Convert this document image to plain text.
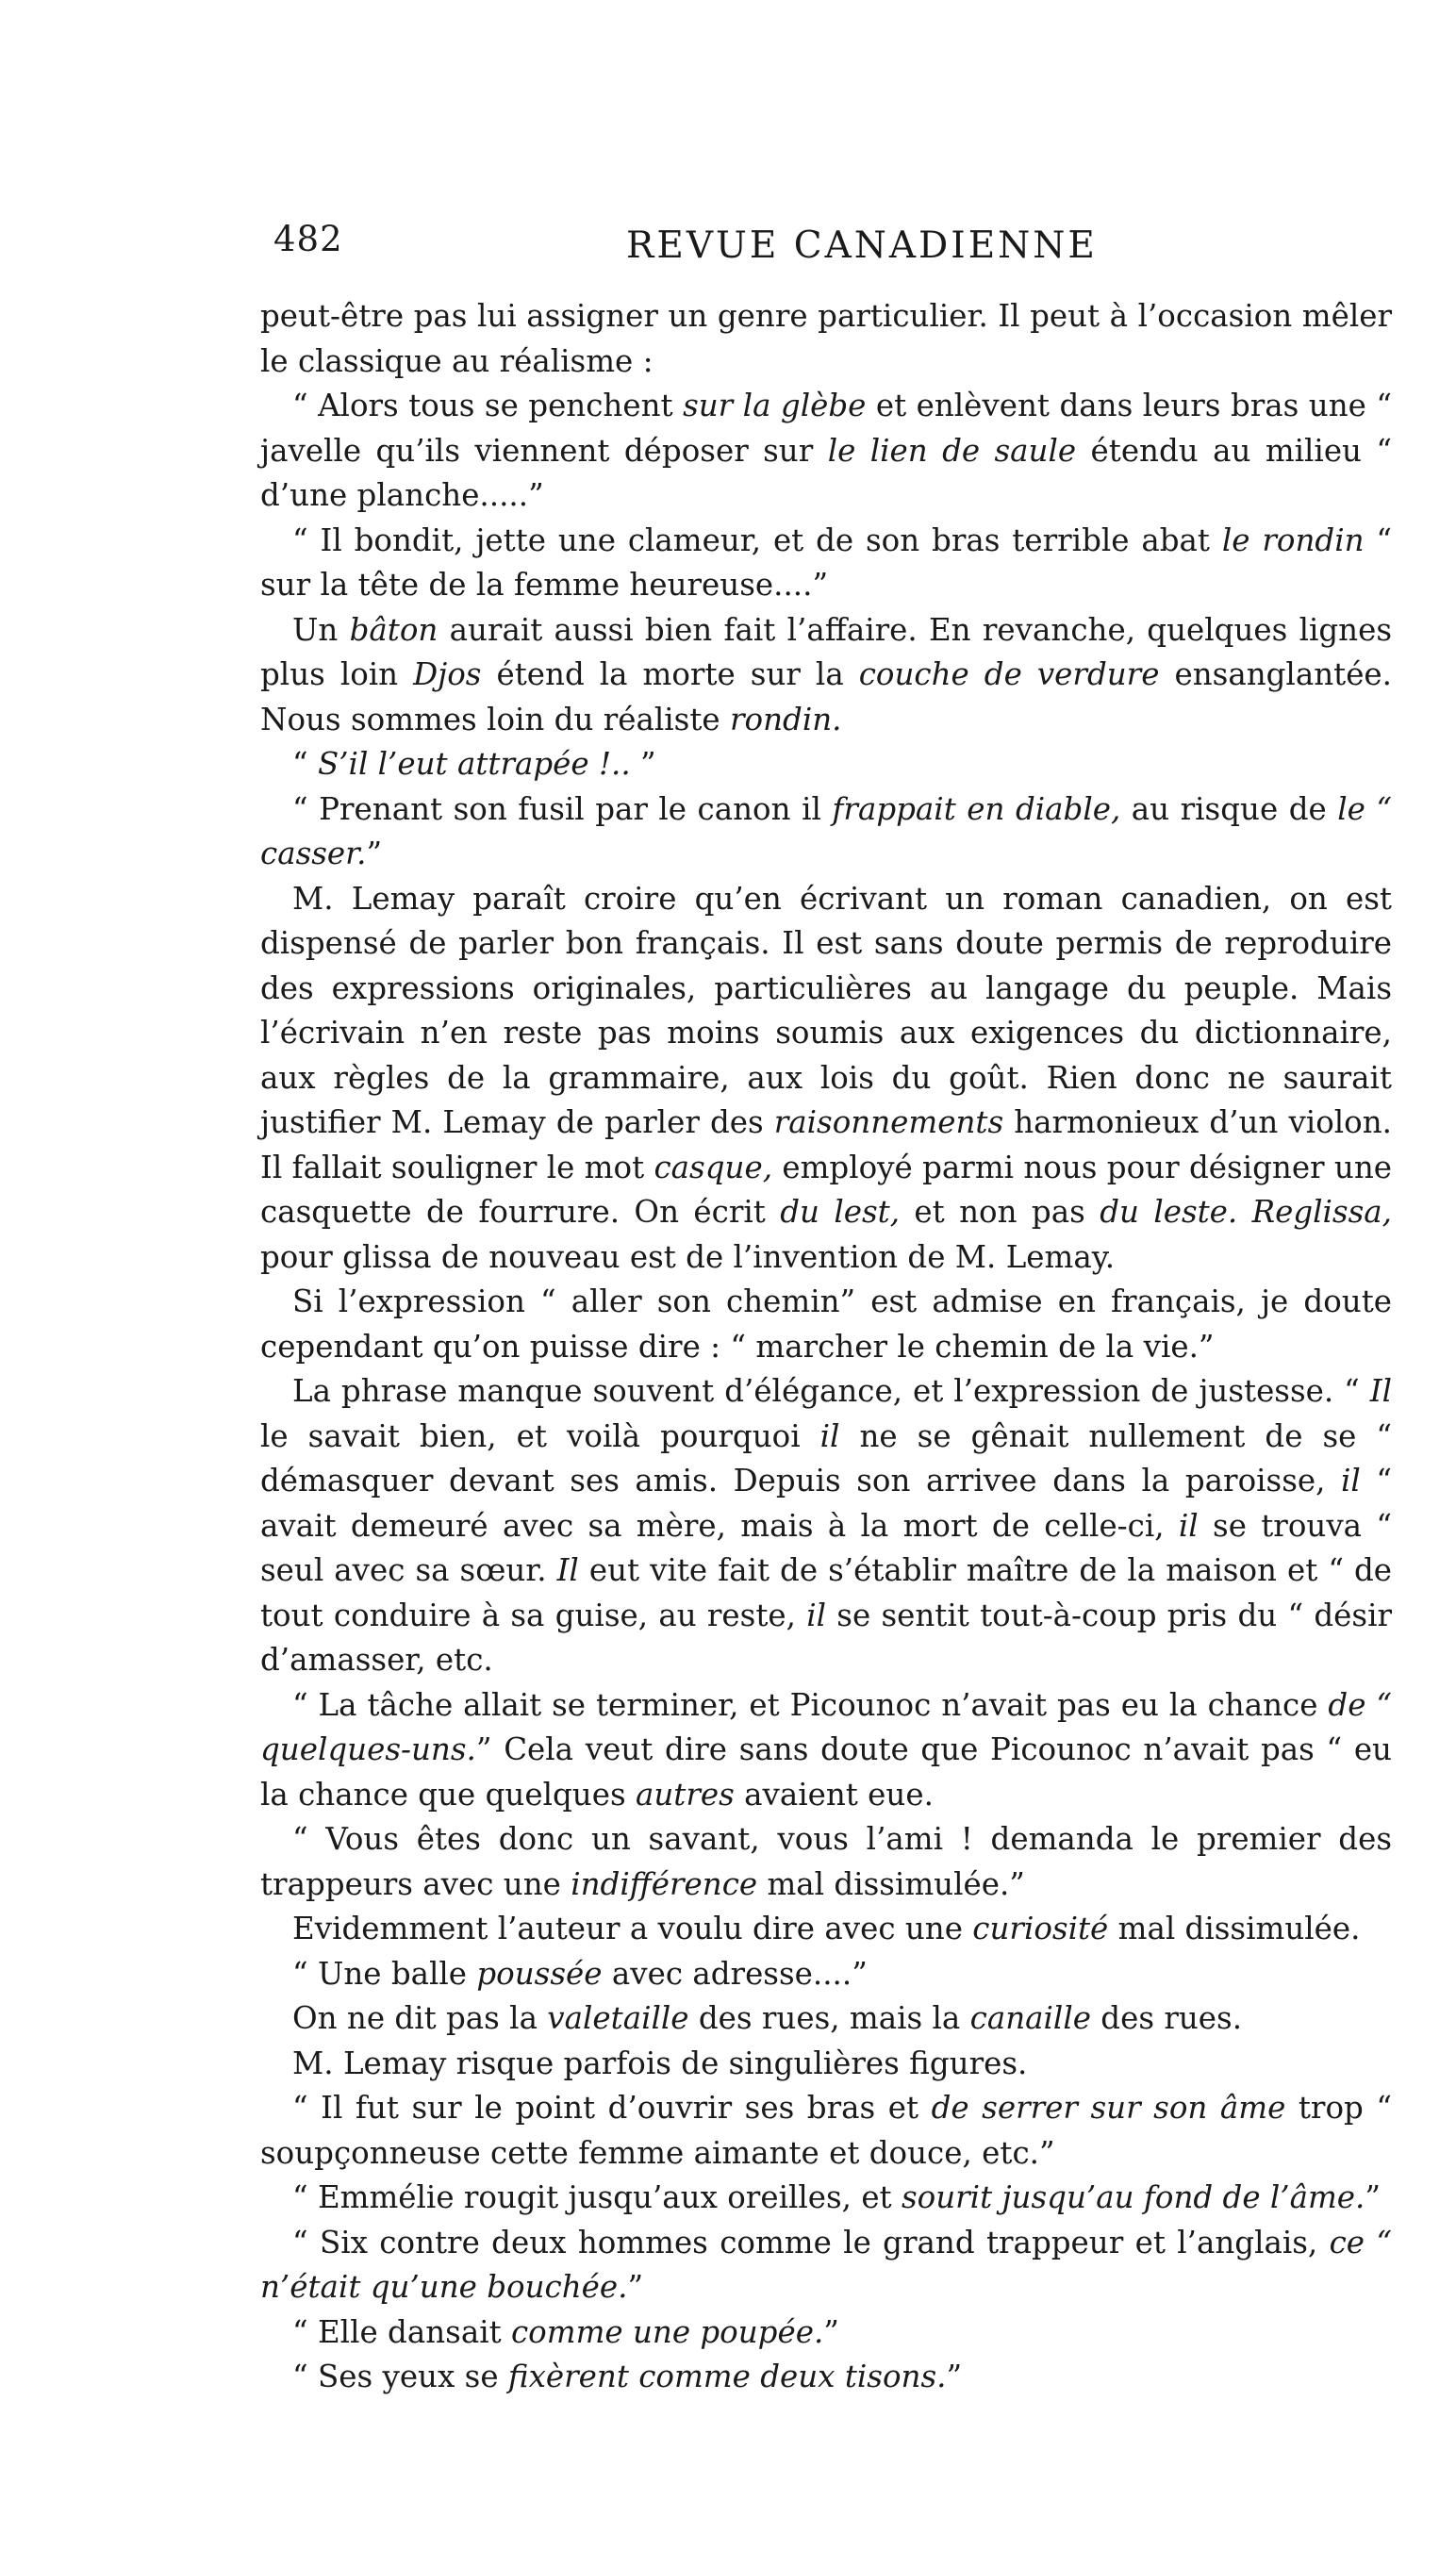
482	REVUE CANADIENNE

peut-être pas lui assigner un genre particulier. Il peut à l’occasion mêler le classique au réalisme :

“ Alors tous se penchent sur la glèbe et enlèvent dans leurs bras une “ javelle qu’ils viennent déposer sur le lien de saule étendu au milieu “ d’une planche.....”

“ Il bondit, jette une clameur, et de son bras terrible abat le rondin “ sur la tête de la femme heureuse....”

Un bâton aurait aussi bien fait l’affaire. En revanche, quelques lignes plus loin Djos étend la morte sur la couche de verdure ensanglantée. Nous sommes loin du réaliste rondin.

“ S’il l’eut attrapée !.. ”

“ Prenant son fusil par le canon il frappait en diable, au risque de le “ casser.”

M. Lemay paraît croire qu’en écrivant un roman canadien, on est dispensé de parler bon français. Il est sans doute permis de reproduire des expressions originales, particulières au langage du peuple. Mais l’écrivain n’en reste pas moins soumis aux exigences du dictionnaire, aux règles de la grammaire, aux lois du goût. Rien donc ne saurait justifier M. Lemay de parler des raisonnements harmonieux d’un violon. Il fallait souligner le mot casque, employé parmi nous pour désigner une casquette de fourrure. On écrit du lest, et non pas du leste. Reglissa, pour glissa de nouveau est de l’invention de M. Lemay.

Si l’expression “ aller son chemin” est admise en français, je doute cependant qu’on puisse dire : “ marcher le chemin de la vie.”

La phrase manque souvent d’élégance, et l’expression de justesse. “ Il le savait bien, et voilà pourquoi il ne se gênait nullement de se “ démasquer devant ses amis. Depuis son arrivee dans la paroisse, il “ avait demeuré avec sa mère, mais à la mort de celle-ci, il se trouva “ seul avec sa sœur. Il eut vite fait de s’établir maître de la maison et “ de tout conduire à sa guise, au reste, il se sentit tout-à-coup pris du “ désir d’amasser, etc.

“ La tâche allait se terminer, et Picounoc n’avait pas eu la chance de “ quelques-uns.” Cela veut dire sans doute que Picounoc n’avait pas “ eu la chance que quelques autres avaient eue.

“ Vous êtes donc un savant, vous l’ami ! demanda le premier des trappeurs avec une indifférence mal dissimulée.”

Evidemment l’auteur a voulu dire avec une curiosité mal dissimulée.

“ Une balle poussée avec adresse....”

On ne dit pas la valetaille des rues, mais la canaille des rues.

M. Lemay risque parfois de singulières figures.

“ Il fut sur le point d’ouvrir ses bras et de serrer sur son âme trop “ soupçonneuse cette femme aimante et douce, etc.”

“ Emmélie rougit jusqu’aux oreilles, et sourit jusqu’au fond de l’âme.”

“ Six contre deux hommes comme le grand trappeur et l’anglais, ce “ n’était qu’une bouchée.”

“ Elle dansait comme une poupée.”

“ Ses yeux se fixèrent comme deux tisons.”
